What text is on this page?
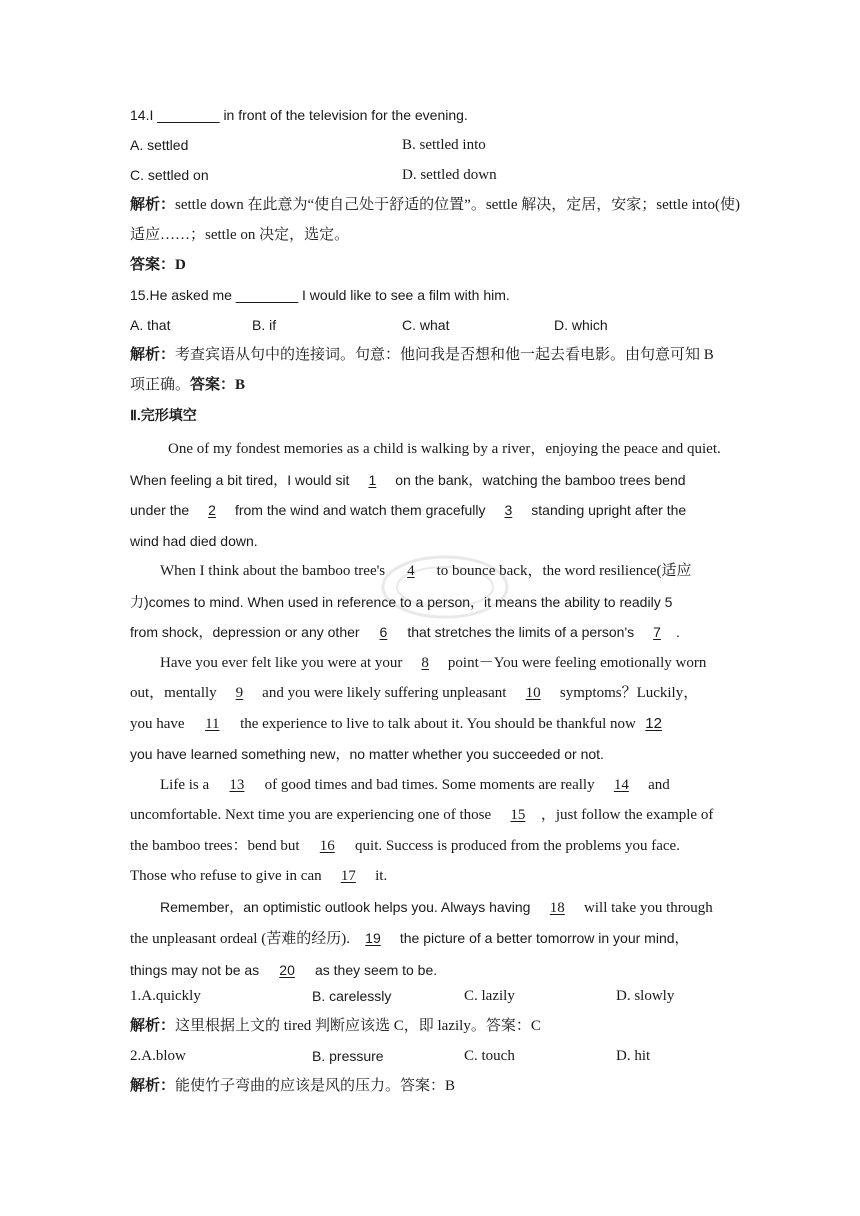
14.I ________ in front of the television for the evening.
A. settled	B. settled into
C. settled on	D. settled down
解析：settle down 在此意为“使自己处于舒适的位置”。settle 解决，定居，安家；settle into(使)
适应……；settle on 决定，选定。
答案：D
15.He asked me ________ I would like to see a film with him.
A. that	B. if	C. what	D. which
解析：考查宾语从句中的连接词。句意：他问我是否想和他一起去看电影。由句意可知 B
项正确。答案：B
Ⅱ.完形填空
One of my fondest memories as a child is walking by a river，enjoying the peace and quiet.
When feeling a bit tired，I would sit 1 on the bank，watching the bamboo trees bend
under the 2 from the wind and watch them gracefully 3 standing upright after the
wind had died down.
When I think about the bamboo tree's 4 to bounce back，the word resilience(适应
力)comes to mind. When used in reference to a person，it means the ability to readily 5
from shock，depression or any other 6 that stretches the limits of a person's 7 .
Have you ever felt like you were at your 8 point－You were feeling emotionally worn
out，mentally 9 and you were likely suffering unpleasant 10 symptoms？Luckily，
you have 11 the experience to live to talk about it. You should be thankful now 12
you have learned something new，no matter whether you succeeded or not.
Life is a 13 of good times and bad times. Some moments are really 14 and
uncomfortable. Next time you are experiencing one of those 15 ，just follow the example of
the bamboo trees：bend but 16 quit. Success is produced from the problems you face.
Those who refuse to give in can 17 it.
Remember，an optimistic outlook helps you. Always having 18 will take you through
the unpleasant ordeal (苦难的经历). 19 the picture of a better tomorrow in your mind，
things may not be as 20 as they seem to be.
1.A.quickly	B. carelessly	C. lazily	D. slowly
解析：这里根据上文的 tired 判断应该选 C，即 lazily。答案：C
2.A.blow	B. pressure	C. touch	D. hit
解析：能使竹子弯曲的应该是风的压力。答案：B
